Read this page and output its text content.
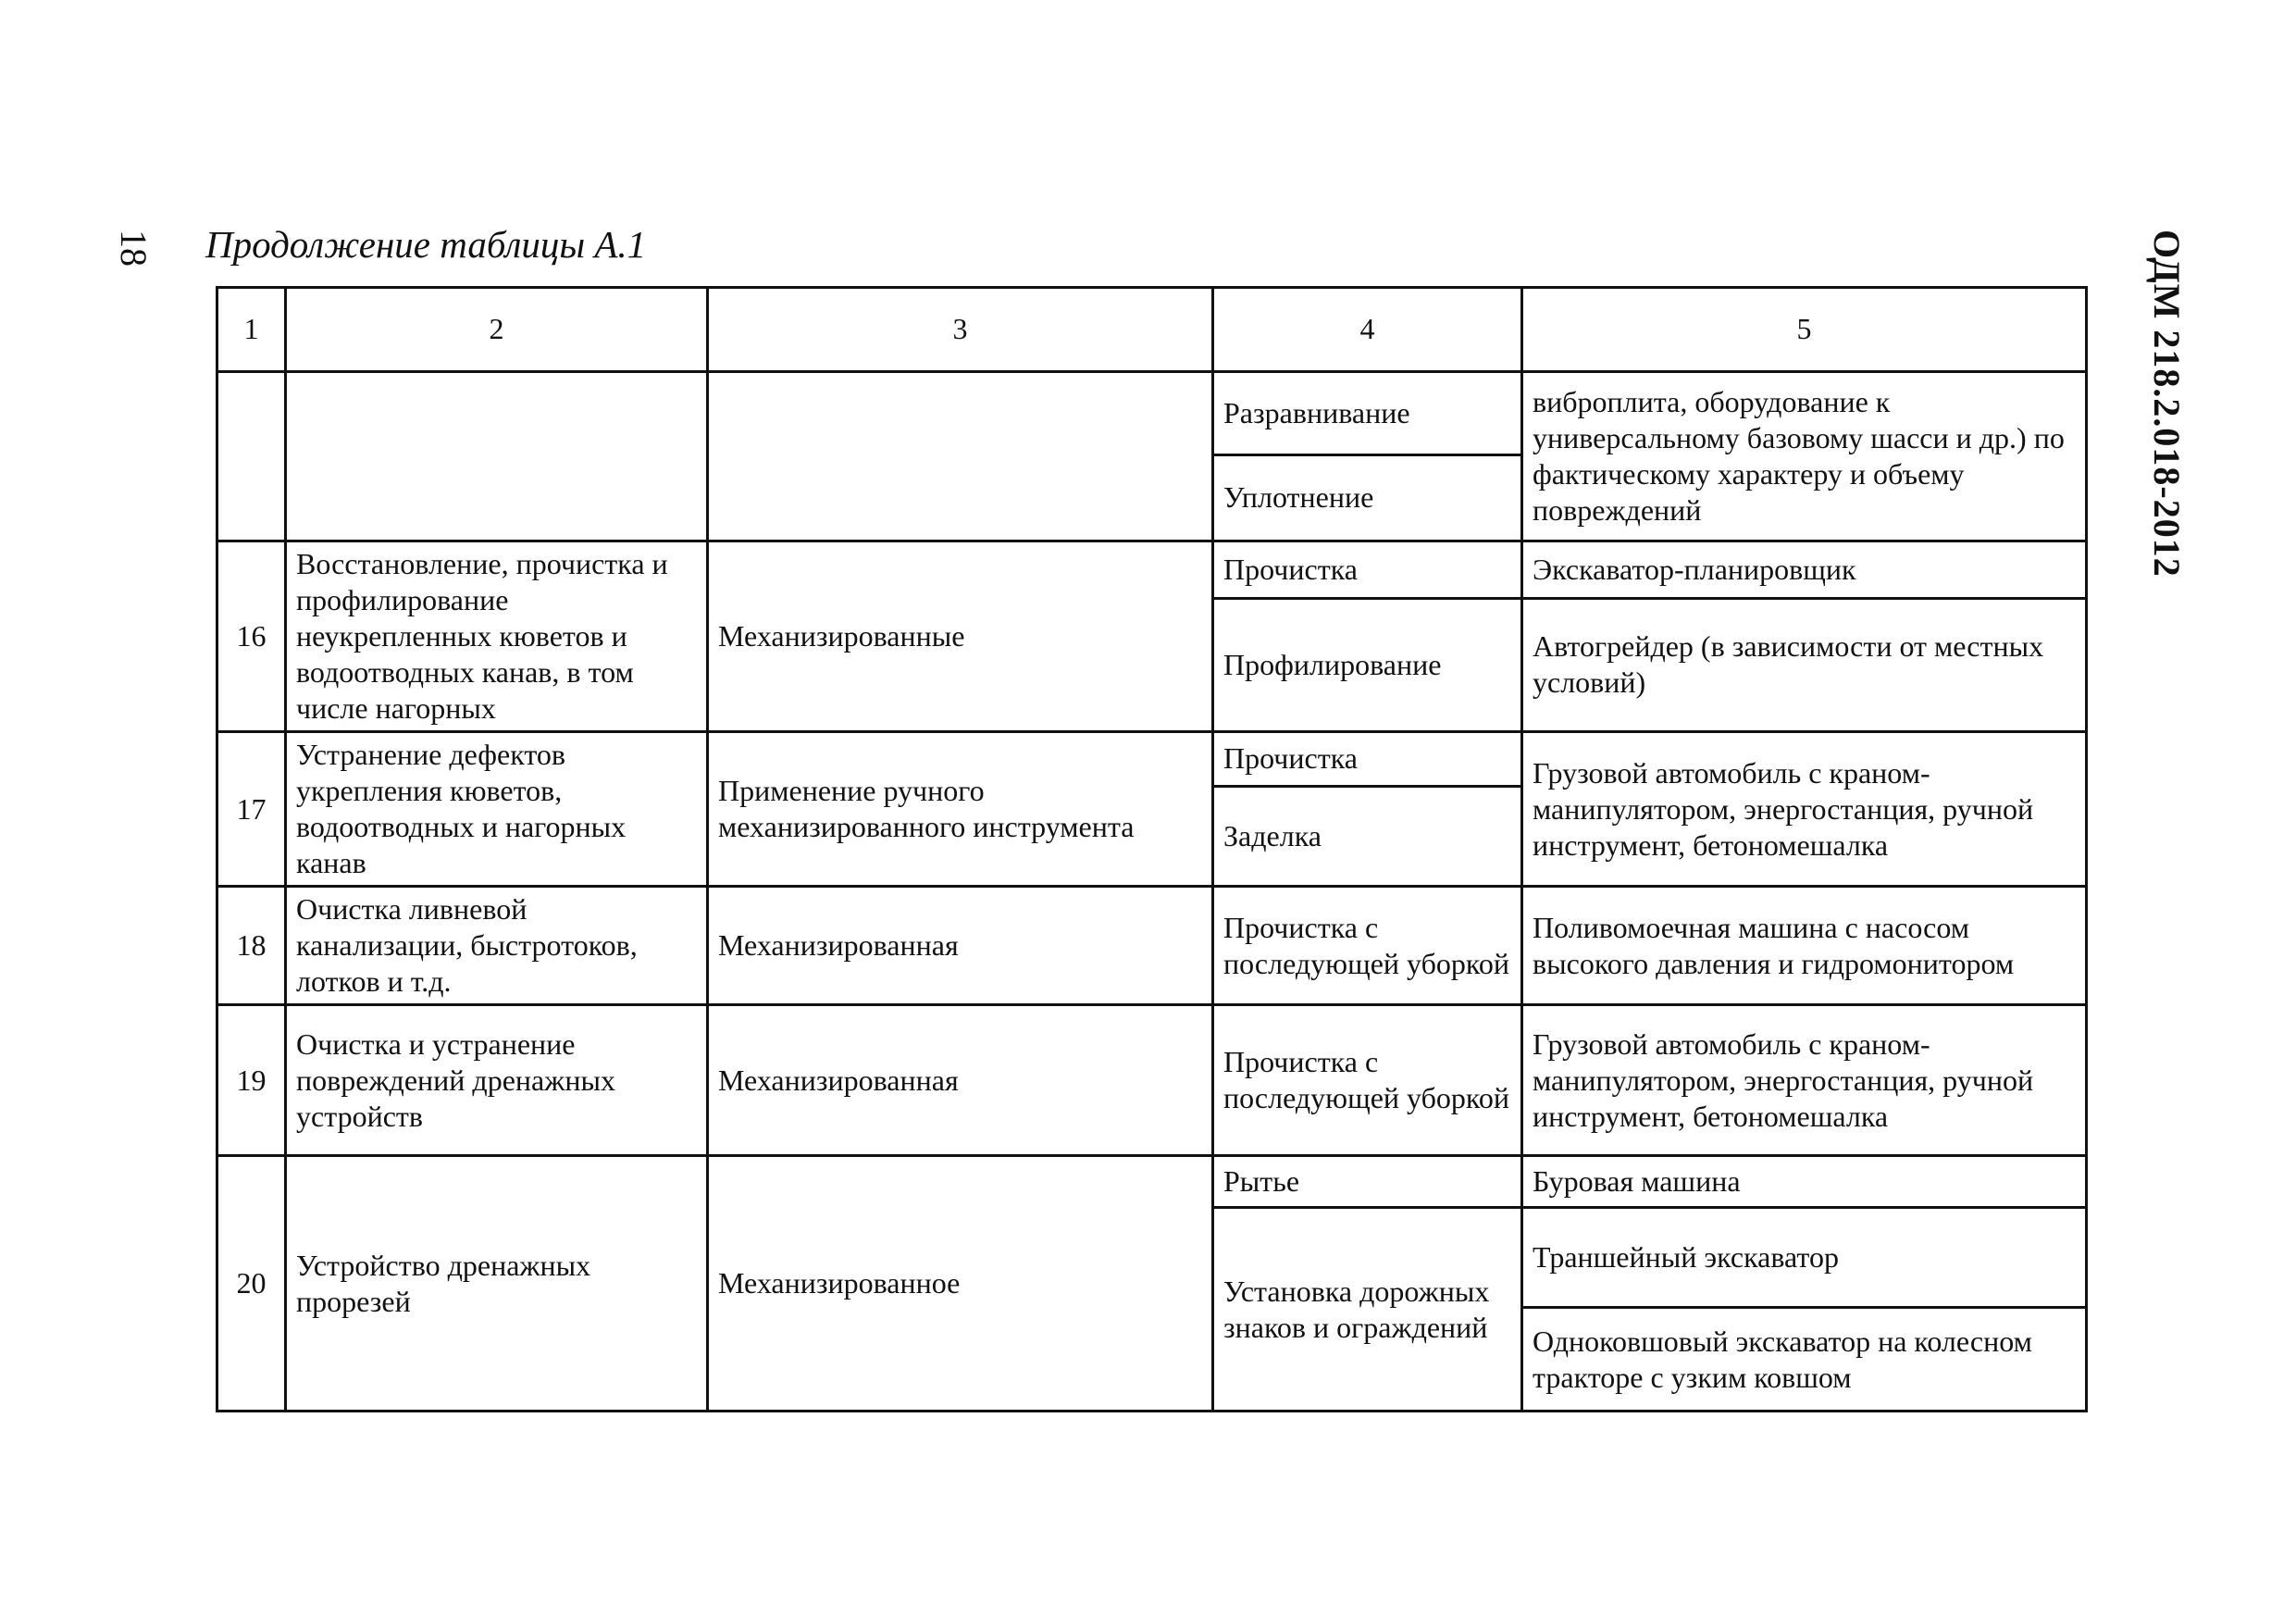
18 Продолжение таблицы А.1	ОДМ 218.2.018-2012
1	2	3	4	5
			Разравнивание	виброплита, оборудование к универсальному базовому шасси и др.) по фактическому характеру и объему повреждений
			Уплотнение	
16	Восстановление, прочистка и профилирование неукрепленных кюветов и водоотводных канав, в том числе нагорных	Механизированные	Прочистка	Экскаватор-планировщик
			Профилирование	Автогрейдер (в зависимости от местных условий)
17	Устранение дефектов укрепления кюветов, водоотводных и нагорных канав	Применение ручного механизированного инструмента	Прочистка	Грузовой автомобиль с краном-манипулятором, энергостанция, ручной инструмент, бетономешалка
			Заделка	
18	Очистка ливневой канализации, быстротоков, лотков и т.д.	Механизированная	Прочистка с последующей уборкой	Поливомоечная машина с насосом высокого давления и гидромонитором
19	Очистка и устранение повреждений дренажных устройств	Механизированная	Прочистка с последующей уборкой	Грузовой автомобиль с краном-манипулятором, энергостанция, ручной инструмент, бетономешалка
20	Устройство дренажных прорезей	Механизированное	Рытье	Буровая машина
			Установка дорожных знаков и ограждений	Траншейный экскаватор
				Одноковшовый экскаватор на колесном тракторе с узким ковшом
